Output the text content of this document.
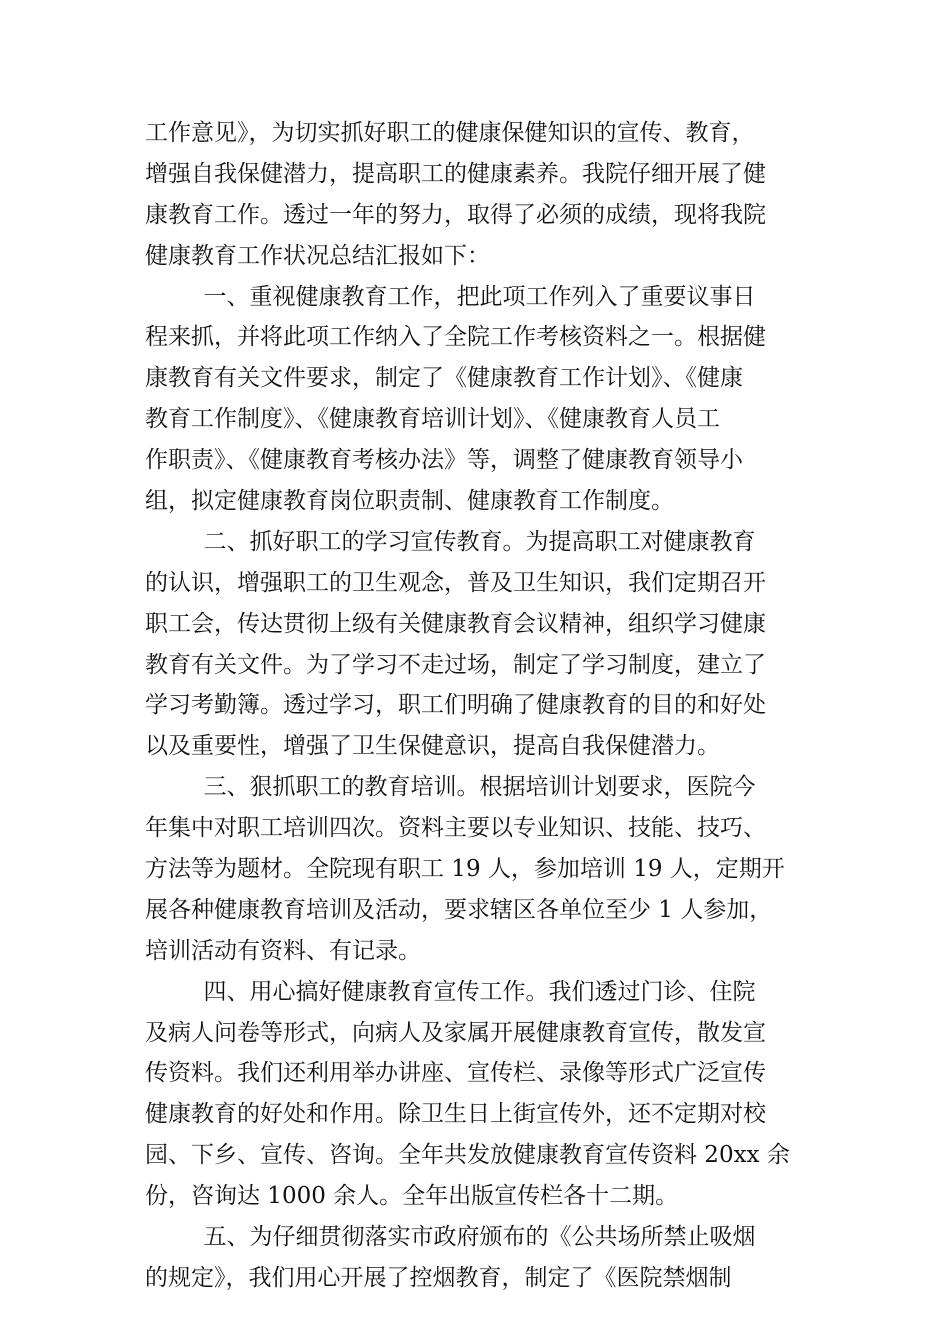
工作意见》，为切实抓好职工的健康保健知识的宣传、教育，
增强自我保健潜力，提高职工的健康素养。我院仔细开展了健
康教育工作。透过一年的努力，取得了必须的成绩，现将我院
健康教育工作状况总结汇报如下：
一、重视健康教育工作，把此项工作列入了重要议事日
程来抓，并将此项工作纳入了全院工作考核资料之一。根据健
康教育有关文件要求，制定了《健康教育工作计划》、《健康
教育工作制度》、《健康教育培训计划》、《健康教育人员工
作职责》、《健康教育考核办法》等，调整了健康教育领导小
组，拟定健康教育岗位职责制、健康教育工作制度。
二、抓好职工的学习宣传教育。为提高职工对健康教育
的认识，增强职工的卫生观念，普及卫生知识，我们定期召开
职工会，传达贯彻上级有关健康教育会议精神，组织学习健康
教育有关文件。为了学习不走过场，制定了学习制度，建立了
学习考勤簿。透过学习，职工们明确了健康教育的目的和好处
以及重要性，增强了卫生保健意识，提高自我保健潜力。
三、狠抓职工的教育培训。根据培训计划要求，医院今
年集中对职工培训四次。资料主要以专业知识、技能、技巧、
方法等为题材。全院现有职工 19 人，参加培训 19 人，定期开
展各种健康教育培训及活动，要求辖区各单位至少 1 人参加，
培训活动有资料、有记录。
四、用心搞好健康教育宣传工作。我们透过门诊、住院
及病人问卷等形式，向病人及家属开展健康教育宣传，散发宣
传资料。我们还利用举办讲座、宣传栏、录像等形式广泛宣传
健康教育的好处和作用。除卫生日上街宣传外，还不定期对校
园、下乡、宣传、咨询。全年共发放健康教育宣传资料 20xx 余
份，咨询达 1000 余人。全年出版宣传栏各十二期。
五、为仔细贯彻落实市政府颁布的《公共场所禁止吸烟
的规定》，我们用心开展了控烟教育，制定了《医院禁烟制
